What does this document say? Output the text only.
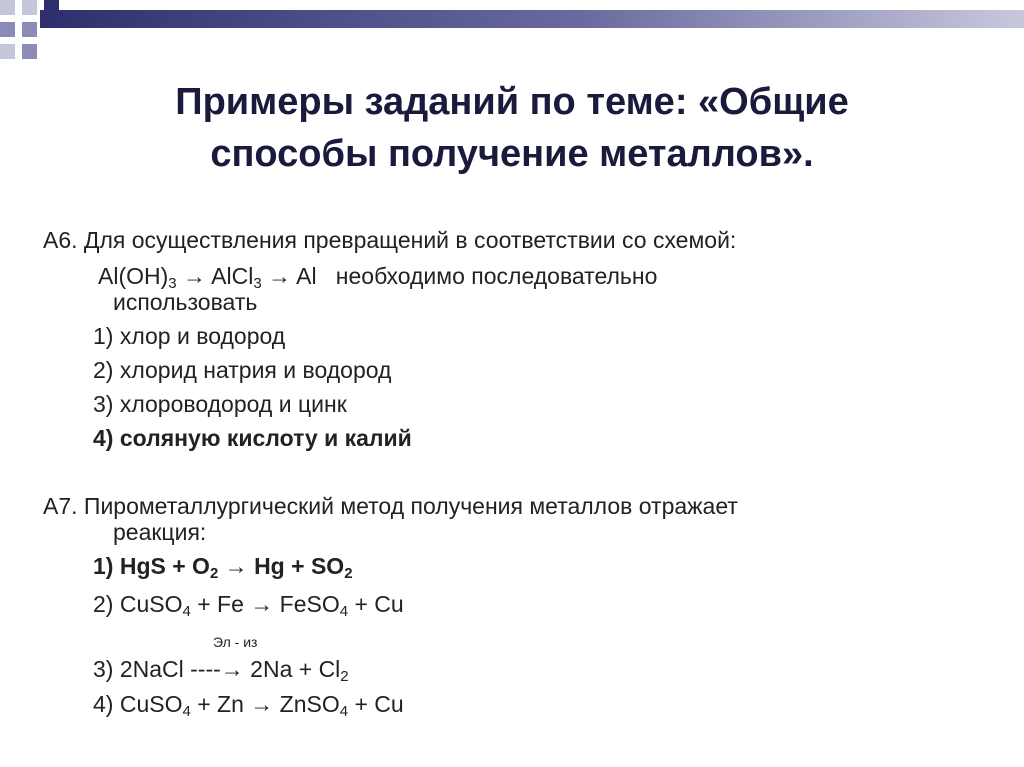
Примеры заданий по теме: «Общие
способы получение металлов».
А6. Для осуществления превращений в соответствии со схемой:
$Al(OH)_3$ → AlCl$_3$ → Al   необходимо последовательно
использовать
1) хлор и водород
2) хлорид натрия и водород
3) хлороводород и цинк
4) соляную кислоту и калий
А7. Пирометаллургический метод получения металлов отражает
реакция:
1) HgS + $O_2 \to Hg + SO_2$
2) CuSO$_4$ + Fe → FeSO$_4$ + Cu
Эл - из
3) 2NaCl ----→ $2Na + Cl_2$
4) CuSO$_4$ + Zn → ZnSO$_4$ + Cu
